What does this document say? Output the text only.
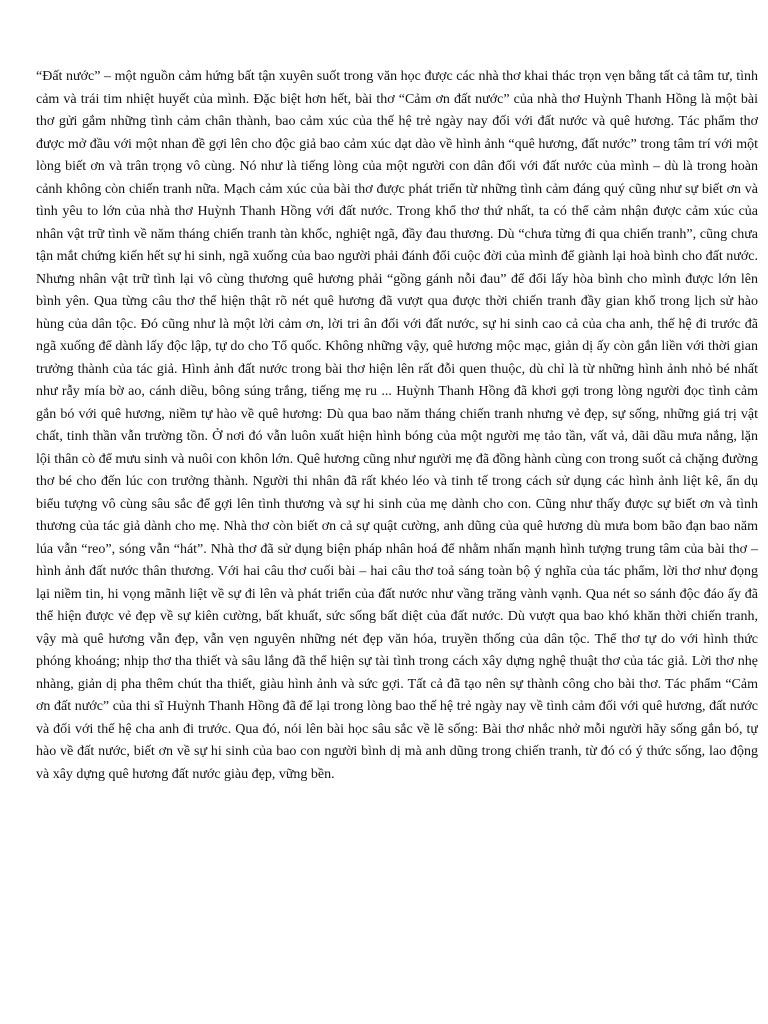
“Đất nước” – một nguồn cảm hứng bất tận xuyên suốt trong văn học được các nhà thơ khai thác trọn vẹn bằng tất cả tâm tư, tình cảm và trái tim nhiệt huyết của mình. Đặc biệt hơn hết, bài thơ “Cảm ơn đất nước” của nhà thơ Huỳnh Thanh Hồng là một bài thơ gửi gắm những tình cảm chân thành, bao cảm xúc của thế hệ trẻ ngày nay đối với đất nước và quê hương. Tác phẩm thơ được mở đầu với một nhan đề gợi lên cho độc giả bao cảm xúc dạt dào về hình ảnh “quê hương, đất nước” trong tâm trí với một lòng biết ơn và trân trọng vô cùng. Nó như là tiếng lòng của một người con dân đối với đất nước của mình – dù là trong hoàn cảnh không còn chiến tranh nữa. Mạch cảm xúc của bài thơ được phát triển từ những tình cảm đáng quý cũng như sự biết ơn và tình yêu to lớn của nhà thơ Huỳnh Thanh Hồng với đất nước. Trong khổ thơ thứ nhất, ta có thể cảm nhận được cảm xúc của nhân vật trữ tình về năm tháng chiến tranh tàn khốc, nghiệt ngã, đầy đau thương. Dù “chưa từng đi qua chiến tranh”, cũng chưa tận mắt chứng kiến hết sự hi sinh, ngã xuống của bao người phải đánh đổi cuộc đời của mình để giành lại hoà bình cho đất nước. Nhưng nhân vật trữ tình lại vô cùng thương quê hương phải “gồng gánh nỗi đau” để đổi lấy hòa bình cho mình được lớn lên bình yên. Qua từng câu thơ thể hiện thật rõ nét quê hương đã vượt qua được thời chiến tranh đầy gian khổ trong lịch sử hào hùng của dân tộc. Đó cũng như là một lời cảm ơn, lời tri ân đối với đất nước, sự hi sinh cao cả của cha anh, thế hệ đi trước đã ngã xuống để dành lấy độc lập, tự do cho Tổ quốc. Không những vậy, quê hương mộc mạc, giản dị ấy còn gắn liền với thời gian trưởng thành của tác giả. Hình ảnh đất nước trong bài thơ hiện lên rất đỗi quen thuộc, dù chỉ là từ những hình ảnh nhỏ bé nhất như rẫy mía bờ ao, cánh diều, bông súng trắng, tiếng mẹ ru ... Huỳnh Thanh Hồng đã khơi gợi trong lòng người đọc tình cảm gắn bó với quê hương, niềm tự hào về quê hương: Dù qua bao năm tháng chiến tranh nhưng vẻ đẹp, sự sống, những giá trị vật chất, tinh thần vẫn trường tồn. Ở nơi đó vẫn luôn xuất hiện hình bóng của một người mẹ tảo tần, vất vả, dãi dầu mưa nắng, lặn lội thân cò để mưu sinh và nuôi con khôn lớn. Quê hương cũng như người mẹ đã đồng hành cùng con trong suốt cả chặng đường thơ bé cho đến lúc con trưởng thành. Người thi nhân đã rất khéo léo và tinh tế trong cách sử dụng các hình ảnh liệt kê, ẩn dụ biểu tượng vô cùng sâu sắc để gợi lên tình thương và sự hi sinh của mẹ dành cho con. Cũng như thấy được sự biết ơn và tình thương của tác giả dành cho mẹ. Nhà thơ còn biết ơn cả sự quật cường, anh dũng của quê hương dù mưa bom bão đạn bao năm lúa vẫn “reo”, sóng vẫn “hát”. Nhà thơ đã sử dụng biện pháp nhân hoá để nhằm nhấn mạnh hình tượng trung tâm của bài thơ – hình ảnh đất nước thân thương. Với hai câu thơ cuối bài – hai câu thơ toả sáng toàn bộ ý nghĩa của tác phẩm, lời thơ như đọng lại niềm tin, hi vọng mãnh liệt về sự đi lên và phát triển của đất nước như vầng trăng vành vạnh. Qua nét so sánh độc đáo ấy đã thể hiện được vẻ đẹp về sự kiên cường, bất khuất, sức sống bất diệt của đất nước. Dù vượt qua bao khó khăn thời chiến tranh, vậy mà quê hương vẫn đẹp, vẫn vẹn nguyên những nét đẹp văn hóa, truyền thống của dân tộc. Thể thơ tự do với hình thức phóng khoáng; nhịp thơ tha thiết và sâu lắng đã thể hiện sự tài tình trong cách xây dựng nghệ thuật thơ của tác giả. Lời thơ nhẹ nhàng, giản dị pha thêm chút tha thiết, giàu hình ảnh và sức gợi. Tất cả đã tạo nên sự thành công cho bài thơ. Tác phẩm “Cảm ơn đất nước” của thi sĩ Huỳnh Thanh Hồng đã để lại trong lòng bao thế hệ trẻ ngày nay về tình cảm đối với quê hương, đất nước và đối với thế hệ cha anh đi trước. Qua đó, nói lên bài học sâu sắc về lẽ sống: Bài thơ nhắc nhở mỗi người hãy sống gắn bó, tự hào về đất nước, biết ơn về sự hi sinh của bao con người bình dị mà anh dũng trong chiến tranh, từ đó có ý thức sống, lao động và xây dựng quê hương đất nước giàu đẹp, vững bền.
